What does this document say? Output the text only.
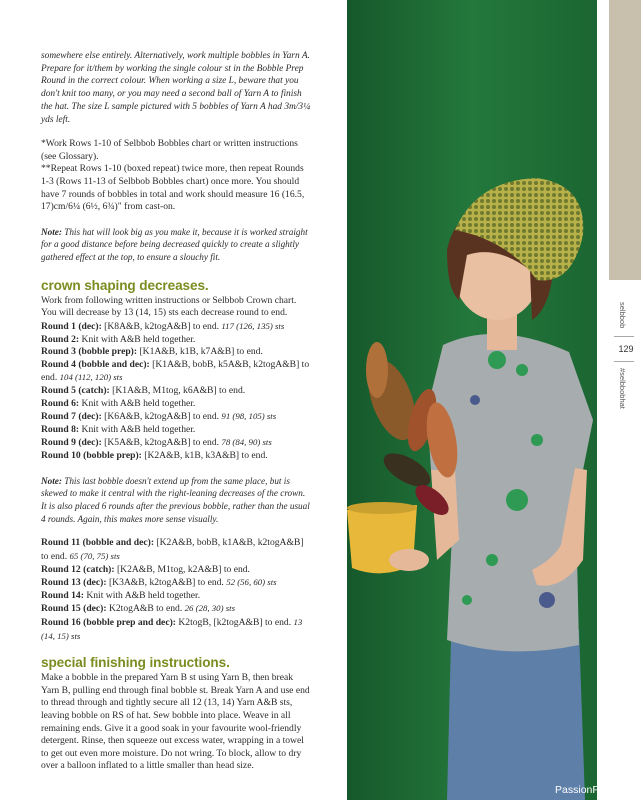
somewhere else entirely. Alternatively, work multiple bobbles in Yarn A. Prepare for it/them by working the single colour st in the Bobble Prep Round in the correct colour. When working a size L, beware that you don't knit too many, or you may need a second ball of Yarn A to finish the hat. The size L sample pictured with 5 bobbles of Yarn A had 3m/3¼ yds left.

*Work Rows 1-10 of Selbbob Bobbles chart or written instructions (see Glossary).

**Repeat Rows 1-10 (boxed repeat) twice more, then repeat Rounds 1-3 (Rows 11-13 of Selbbob Bobbles chart) once more. You should have 7 rounds of bobbles in total and work should measure 16 (16.5, 17)cm/6¼ (6½, 6¾)" from cast-on.

Note: This hat will look big as you make it, because it is worked straight for a good distance before being decreased quickly to create a slightly gathered effect at the top, to ensure a slouchy fit.

crown shaping decreases.

Work from following written instructions or Selbbob Crown chart. You will decrease by 13 (14, 15) sts each decrease round to end.

Round 1 (dec): [K8A&B, k2togA&B] to end. 117 (126, 135) sts

Round 2: Knit with A&B held together.

Round 3 (bobble prep): [K1A&B, k1B, k7A&B] to end.

Round 4 (bobble and dec): [K1A&B, bobB, k5A&B, k2togA&B] to end. 104 (112, 120) sts

Round 5 (catch): [K1A&B, M1tog, k6A&B] to end.

Round 6: Knit with A&B held together.

Round 7 (dec): [K6A&B, k2togA&B] to end. 91 (98, 105) sts

Round 8: Knit with A&B held together.

Round 9 (dec): [K5A&B, k2togA&B] to end. 78 (84, 90) sts

Round 10 (bobble prep): [K2A&B, k1B, k3A&B] to end.

Note: This last bobble doesn't extend up from the same place, but is skewed to make it central with the right-leaning decreases of the crown. It is also placed 6 rounds after the previous bobble, rather than the usual 4 rounds. Again, this makes more sense visually.

Round 11 (bobble and dec): [K2A&B, bobB, k1A&B, k2togA&B] to end. 65 (70, 75) sts

Round 12 (catch): [K2A&B, M1tog, k2A&B] to end.

Round 13 (dec): [K3A&B, k2togA&B] to end. 52 (56, 60) sts

Round 14: Knit with A&B held together.

Round 15 (dec): K2togA&B to end. 26 (28, 30) sts

Round 16 (bobble prep and dec): K2togB, [k2togA&B] to end. 13 (14, 15) sts

special finishing instructions.

Make a bobble in the prepared Yarn B st using Yarn B, then break Yarn B, pulling end through final bobble st. Break Yarn A and use end to thread through and tightly secure all 12 (13, 14) Yarn A&B sts, leaving bobble on RS of hat. Sew bobble into place. Weave in all remaining ends. Give it a good soak in your favourite wool-friendly detergent. Rinse, then squeeze out excess water, wrapping in a towel to get out even more moisture. Do not wring. To block, allow to dry over a balloon inflated to a little smaller than head size.

selbbob
129
#selbbobhat
PassionForum.ru
